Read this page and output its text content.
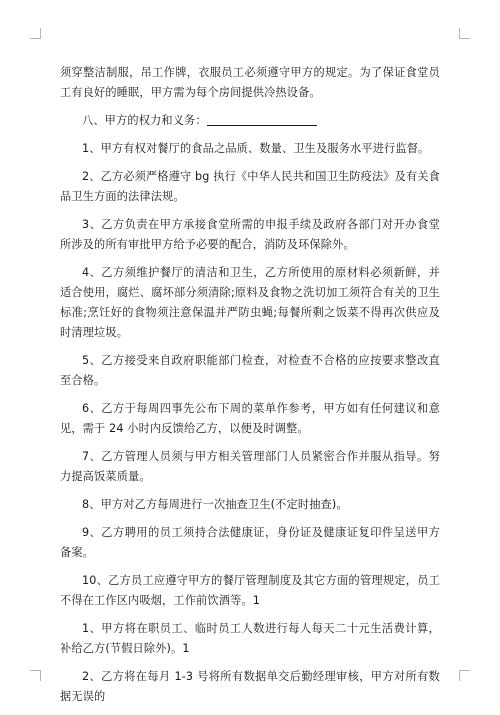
须穿整洁制服，吊工作牌，衣服员工必须遵守甲方的规定。为了保证食堂员工有良好的睡眠，甲方需为每个房间提供冷热设备。

八、甲方的权力和义务：

1、甲方有权对餐厅的食品之品质、数量、卫生及服务水平进行监督。

2、乙方必须严格遵守 bg 执行《中华人民共和国卫生防疫法》及有关食品卫生方面的法律法规。

3、乙方负责在甲方承接食堂所需的申报手续及政府各部门对开办食堂所涉及的所有审批甲方给予必要的配合，消防及环保除外。

4、乙方须维护餐厅的清洁和卫生，乙方所使用的原材料必须新鲜，并适合使用，腐烂、腐坏部分须清除;原料及食物之洗切加工须符合有关的卫生标准;烹饪好的食物须注意保温并严防虫蝇;每餐所剩之饭菜不得再次供应及时清理垃圾。

5、乙方接受来自政府职能部门检查，对检查不合格的应按要求整改直至合格。

6、乙方于每周四事先公布下周的菜单作参考，甲方如有任何建议和意见，需于 24 小时内反馈给乙方，以便及时调整。

7、乙方管理人员须与甲方相关管理部门人员紧密合作并服从指导。努力提高饭菜质量。

8、甲方对乙方每周进行一次抽查卫生(不定时抽查)。

9、乙方聘用的员工须持合法健康证，身份证及健康证复印件呈送甲方备案。

10、乙方员工应遵守甲方的餐厅管理制度及其它方面的管理规定，员工不得在工作区内吸烟，工作前饮酒等。1

1、甲方将在职员工、临时员工人数进行每人每天二十元生活费计算，补给乙方(节假日除外)。1

2、乙方将在每月 1-3 号将所有数据单交后勤经理审核，甲方对所有数据无误的
